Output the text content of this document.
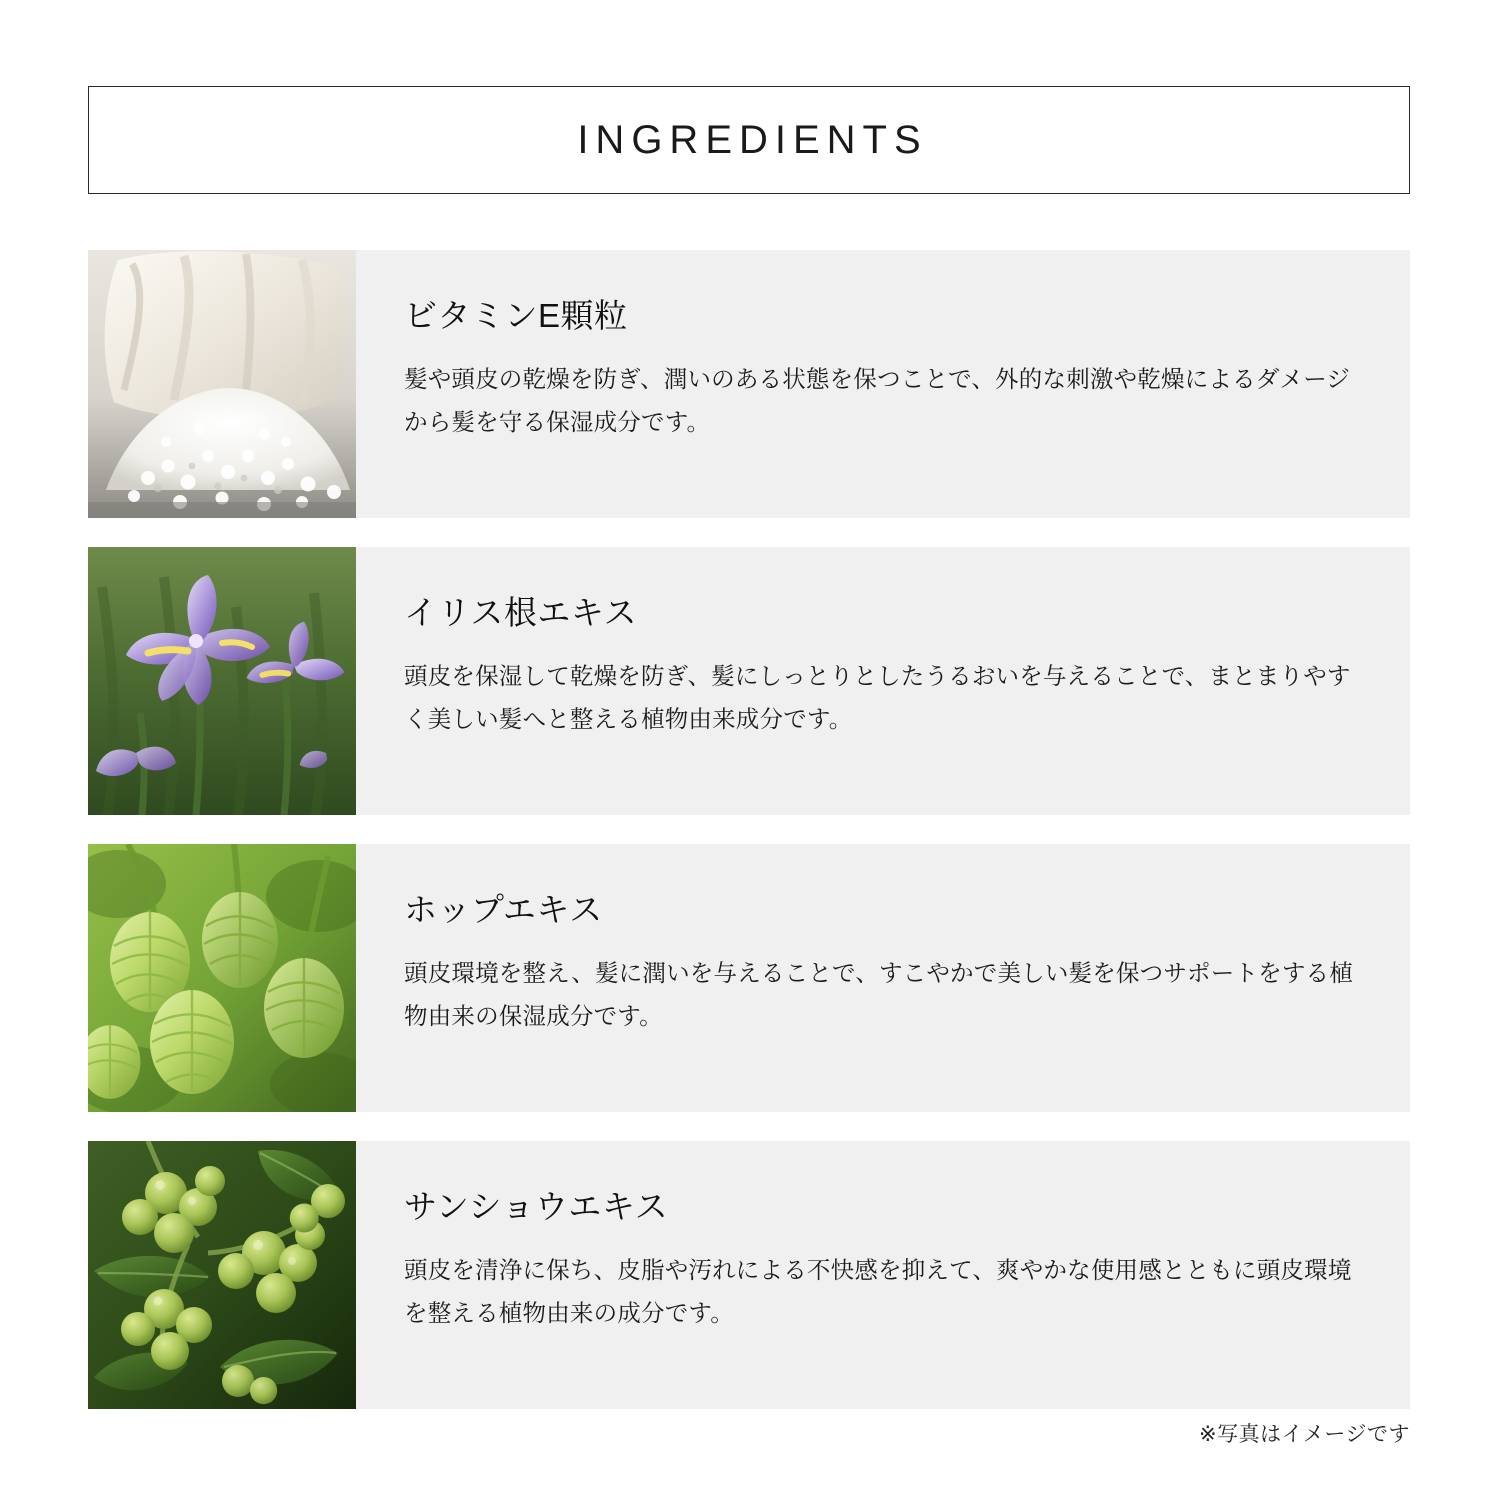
INGREDIENTS
ビタミンE顆粒

髪や頭皮の乾燥を防ぎ、潤いのある状態を保つことで、外的な刺激や乾燥によるダメージから髪を守る保湿成分です。

イリス根エキス

頭皮を保湿して乾燥を防ぎ、髪にしっとりとしたうるおいを与えることで、まとまりやすく美しい髪へと整える植物由来成分です。

ホップエキス

頭皮環境を整え、髪に潤いを与えることで、すこやかで美しい髪を保つサポートをする植物由来の保湿成分です。

サンショウエキス

頭皮を清浄に保ち、皮脂や汚れによる不快感を抑えて、爽やかな使用感とともに頭皮環境を整える植物由来の成分です。

※写真はイメージです
